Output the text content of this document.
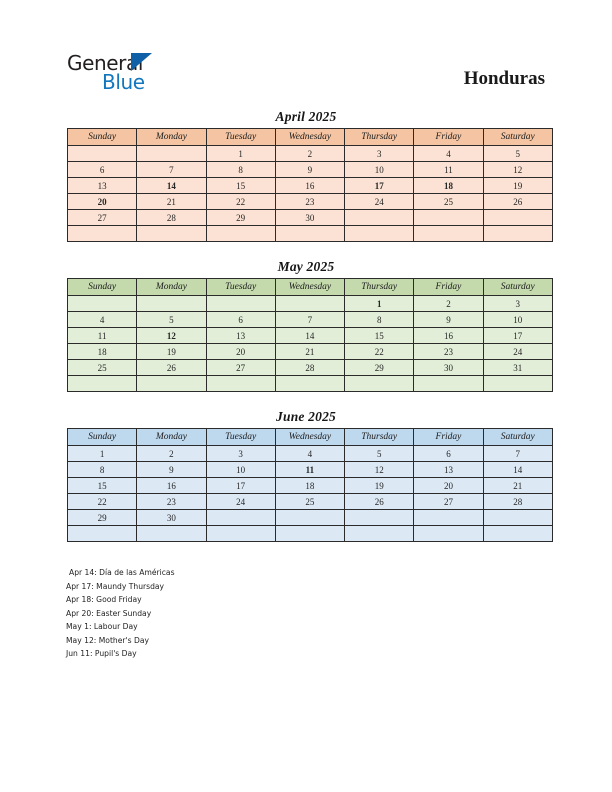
General
Blue	Honduras
April 2025
Sunday	Monday	Tuesday	Wednesday	Thursday	Friday	Saturday
		1	2	3	4	5
6	7	8	9	10	11	12
13	14	15	16	17	18	19
20	21	22	23	24	25	26
27	28	29	30			

May 2025
Sunday	Monday	Tuesday	Wednesday	Thursday	Friday	Saturday
				1	2	3
4	5	6	7	8	9	10
11	12	13	14	15	16	17
18	19	20	21	22	23	24
25	26	27	28	29	30	31

June 2025
Sunday	Monday	Tuesday	Wednesday	Thursday	Friday	Saturday
1	2	3	4	5	6	7
8	9	10	11	12	13	14
15	16	17	18	19	20	21
22	23	24	25	26	27	28
29	30					

Apr 14: Día de las Américas
Apr 17: Maundy Thursday
Apr 18: Good Friday
Apr 20: Easter Sunday
May 1: Labour Day
May 12: Mother's Day
Jun 11: Pupil's Day
